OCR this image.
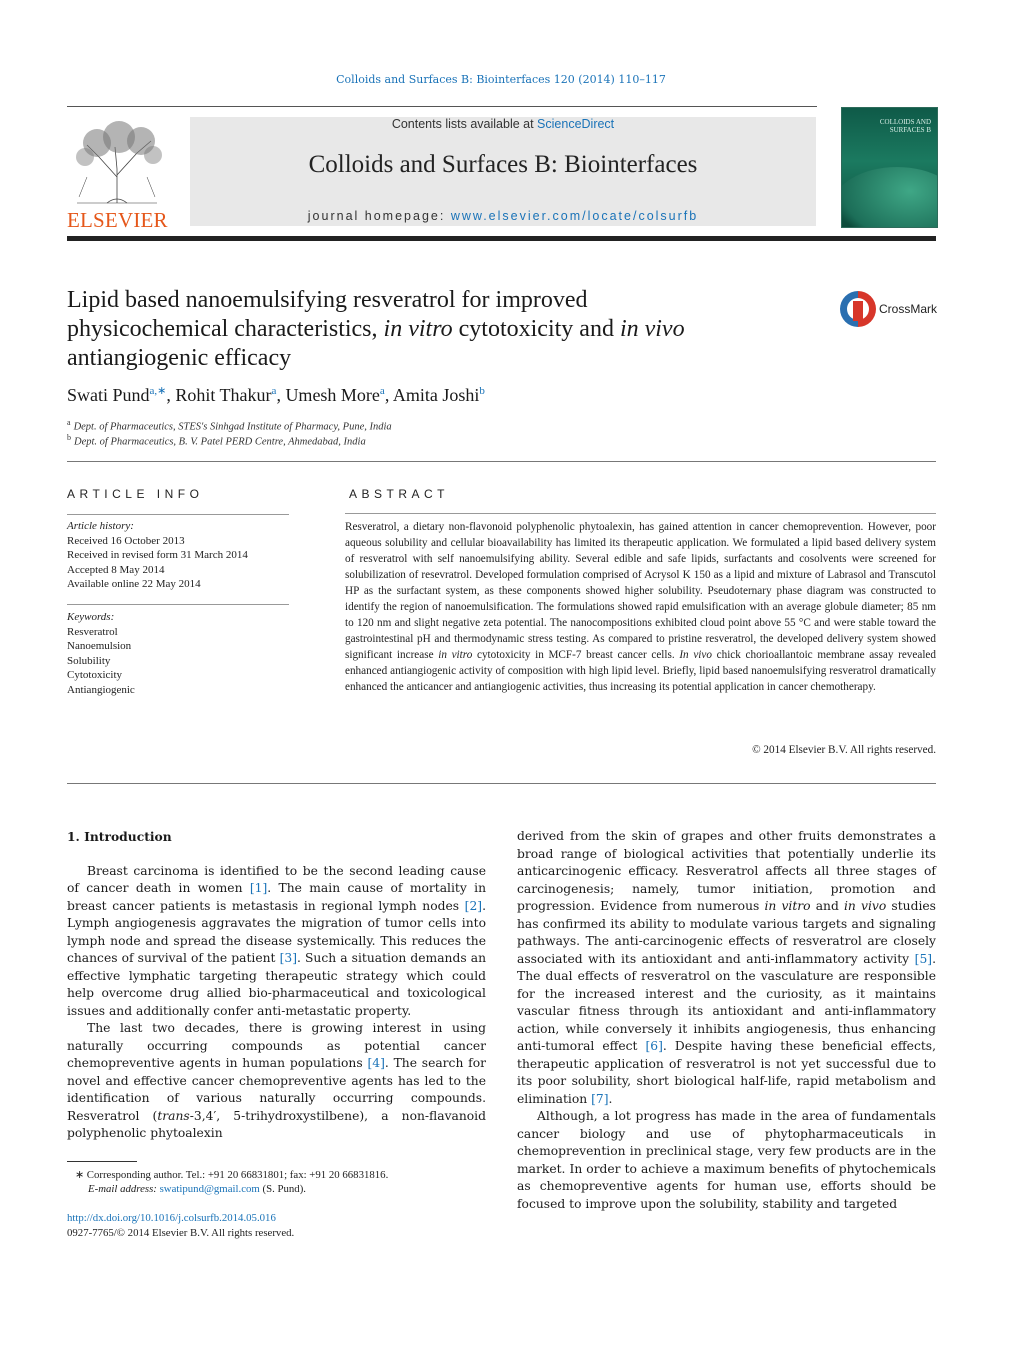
Colloids and Surfaces B: Biointerfaces 120 (2014) 110–117
ELSEVIER
Contents lists available at ScienceDirect
Colloids and Surfaces B: Biointerfaces
journal homepage: www.elsevier.com/locate/colsurfb
COLLOIDS AND SURFACES B
Lipid based nanoemulsifying resveratrol for improved physicochemical characteristics, in vitro cytotoxicity and in vivo antiangiogenic efficacy
CrossMark
Swati Pund$^{a,∗}$, Rohit Thakur$^a$, Umesh More$^a$, Amita Joshi$^b$
$^a$ Dept. of Pharmaceutics, STES's Sinhgad Institute of Pharmacy, Pune, India
$^b$ Dept. of Pharmaceutics, B. V. Patel PERD Centre, Ahmedabad, India
ARTICLE INFO
Article history:
Received 16 October 2013
Received in revised form 31 March 2014
Accepted 8 May 2014
Available online 22 May 2014
Keywords:
Resveratrol
Nanoemulsion
Solubility
Cytotoxicity
Antiangiogenic
ABSTRACT

Resveratrol, a dietary non-flavonoid polyphenolic phytoalexin, has gained attention in cancer chemoprevention. However, poor aqueous solubility and cellular bioavailability has limited its therapeutic application. We formulated a lipid based delivery system of resveratrol with self nanoemulsifying ability. Several edible and safe lipids, surfactants and cosolvents were screened for solubilization of resevratrol. Developed formulation comprised of Acrysol K 150 as a lipid and mixture of Labrasol and Transcutol HP as the surfactant system, as these components showed higher solubility. Pseudoternary phase diagram was constructed to identify the region of nanoemulsification. The formulations showed rapid emulsification with an average globule diameter; 85 nm to 120 nm and slight negative zeta potential. The nanocompositions exhibited cloud point above 55 °C and were stable toward the gastrointestinal pH and thermodynamic stress testing. As compared to pristine resveratrol, the developed delivery system showed significant increase in vitro cytotoxicity in MCF-7 breast cancer cells. In vivo chick chorioallantoic membrane assay revealed enhanced antiangiogenic activity of composition with high lipid level. Briefly, lipid based nanoemulsifying resveratrol dramatically enhanced the anticancer and antiangiogenic activities, thus increasing its potential application in cancer chemotherapy.

© 2014 Elsevier B.V. All rights reserved.

1. Introduction

Breast carcinoma is identified to be the second leading cause of cancer death in women [1]. The main cause of mortality in breast cancer patients is metastasis in regional lymph nodes [2]. Lymph angiogenesis aggravates the migration of tumor cells into lymph node and spread the disease systemically. This reduces the chances of survival of the patient [3]. Such a situation demands an effective lymphatic targeting therapeutic strategy which could help overcome drug allied bio-pharmaceutical and toxicological issues and additionally confer anti-metastatic property.

The last two decades, there is growing interest in using naturally occurring compounds as potential cancer chemopreventive agents in human populations [4]. The search for novel and effective cancer chemopreventive agents has led to the identification of various naturally occurring compounds. Resveratrol (trans-3,4′, 5-trihydroxystilbene), a non-flavanoid polyphenolic phytoalexin

derived from the skin of grapes and other fruits demonstrates a broad range of biological activities that potentially underlie its anticarcinogenic efficacy. Resveratrol affects all three stages of carcinogenesis; namely, tumor initiation, promotion and progression. Evidence from numerous in vitro and in vivo studies has confirmed its ability to modulate various targets and signaling pathways. The anti-carcinogenic effects of resveratrol are closely associated with its antioxidant and anti-inflammatory activity [5]. The dual effects of resveratrol on the vasculature are responsible for the increased interest and the curiosity, as it maintains vascular fitness through its antioxidant and anti-inflammatory action, while conversely it inhibits angiogenesis, thus enhancing anti-tumoral effect [6]. Despite having these beneficial effects, therapeutic application of resveratrol is not yet successful due to its poor solubility, short biological half-life, rapid metabolism and elimination [7].

Although, a lot progress has made in the area of fundamentals cancer biology and use of phytopharmaceuticals in chemoprevention in preclinical stage, very few products are in the market. In order to achieve a maximum benefits of phytochemicals as chemopreventive agents for human use, efforts should be focused to improve upon the solubility, stability and targeted

∗ Corresponding author. Tel.: +91 20 66831801; fax: +91 20 66831816.
E-mail address: swatipund@gmail.com (S. Pund).
http://dx.doi.org/10.1016/j.colsurfb.2014.05.016
0927-7765/© 2014 Elsevier B.V. All rights reserved.
